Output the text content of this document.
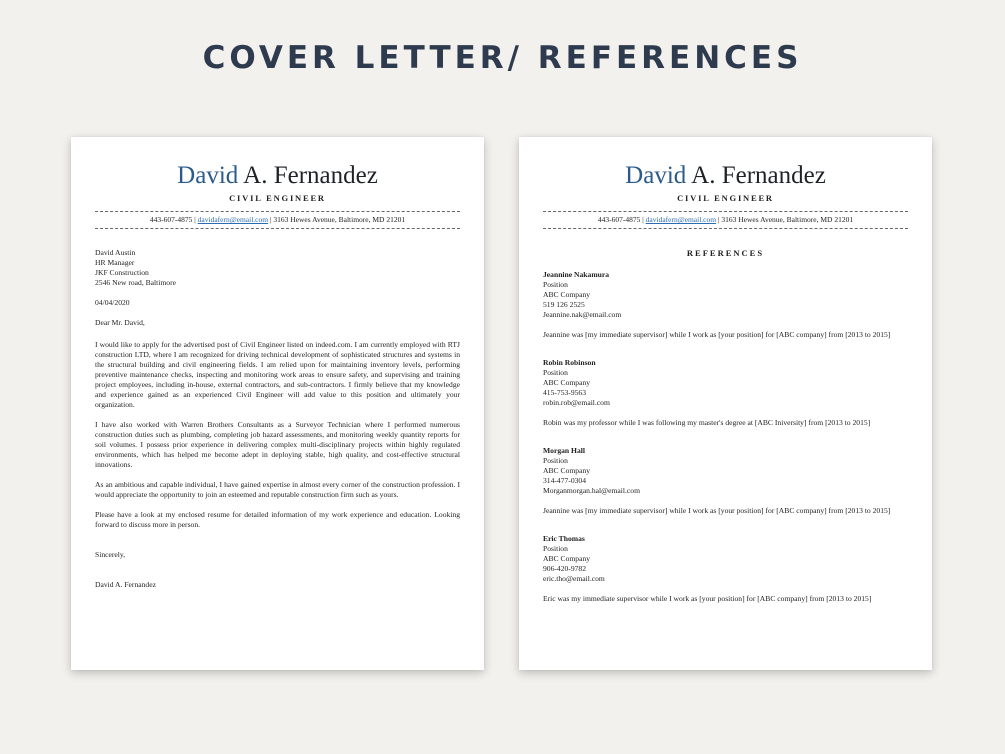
COVER LETTER/ REFERENCES
David A. Fernandez
CIVIL ENGINEER
443-607-4875 | davidafern@email.com | 3163 Hewes Avenue, Baltimore, MD 21201
David Austin
HR Manager
JKF Construction
2546 New road, Baltimore
04/04/2020
Dear Mr. David,
I would like to apply for the advertised post of Civil Engineer listed on indeed.com. I am currently employed with RTJ construction LTD, where I am recognized for driving technical development of sophisticated structures and systems in the structural building and civil engineering fields. I am relied upon for maintaining inventory levels, performing preventive maintenance checks, inspecting and monitoring work areas to ensure safety, and supervising and training project employees, including in-house, external contractors, and sub-contractors. I firmly believe that my knowledge and experience gained as an experienced Civil Engineer will add value to this position and ultimately your organization.
I have also worked with Warren Brothers Consultants as a Surveyor Technician where I performed numerous construction duties such as plumbing, completing job hazard assessments, and monitoring weekly quantity reports for soil volumes. I possess prior experience in delivering complex multi-disciplinary projects within highly regulated environments, which has helped me become adept in deploying stable, high quality, and cost-effective structural innovations.
As an ambitious and capable individual, I have gained expertise in almost every corner of the construction profession. I would appreciate the opportunity to join an esteemed and reputable construction firm such as yours.
Please have a look at my enclosed resume for detailed information of my work experience and education. Looking forward to discuss more in person.
Sincerely,
David A. Fernandez
David A. Fernandez
CIVIL ENGINEER
443-607-4875 | davidafern@email.com | 3163 Hewes Avenue, Baltimore, MD 21201
REFERENCES
Jeannine Nakamura
Position
ABC Company
519 126 2525
Jeannine.nak@email.com
Jeannine was [my immediate supervisor] while I work as [your position] for [ABC company] from [2013 to 2015]
Robin Robinson
Position
ABC Company
415-753-9563
robin.rob@email.com
Robin was my professor while I was following my master's degree at [ABC Iniversity] from [2013 to 2015]
Morgan Hall
Position
ABC Company
314-477-0304
Morganmorgan.hal@email.com
Jeannine was [my immediate supervisor] while I work as [your position] for [ABC company] from [2013 to 2015]
Eric Thomas
Position
ABC Company
906-420-9782
eric.tho@email.com
Eric was my immediate supervisor while I work as [your position] for [ABC company] from [2013 to 2015]
